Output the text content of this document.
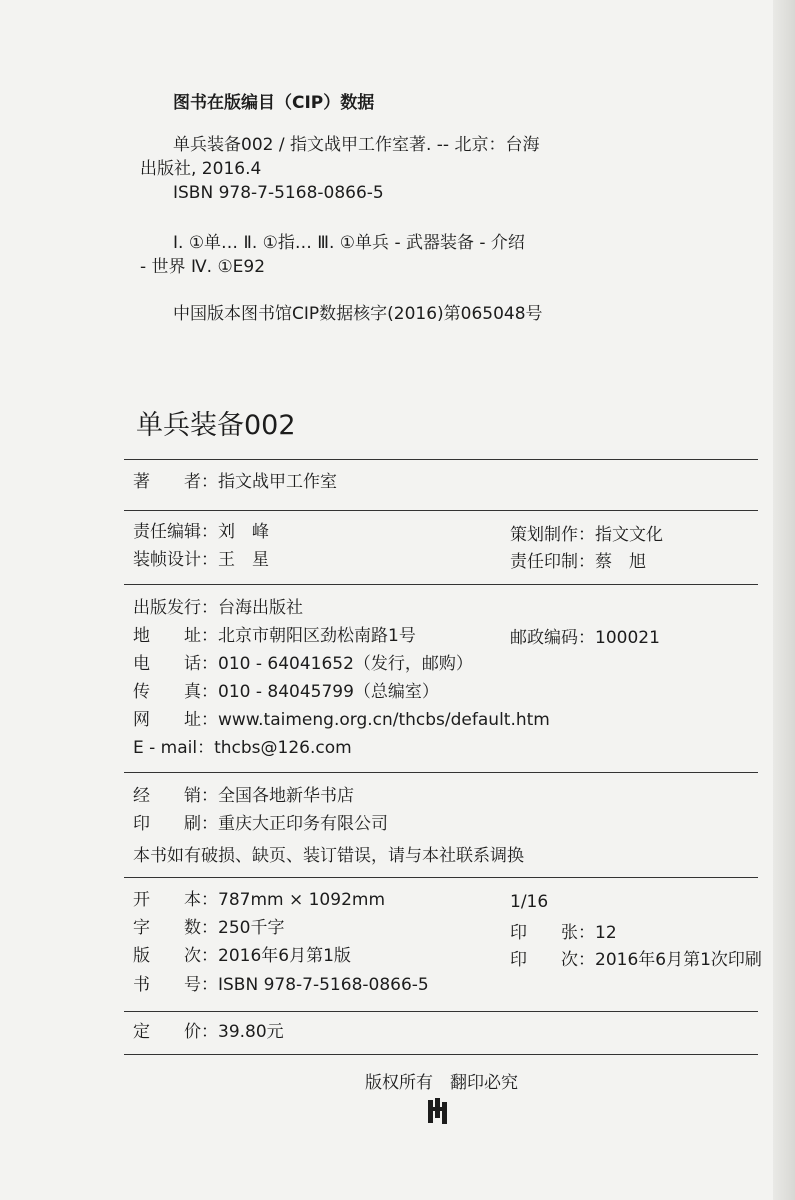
图书在版编目（CIP）数据
单兵装备002 / 指文战甲工作室著. -- 北京：台海
出版社, 2016.4
ISBN 978-7-5168-0866-5
Ⅰ. ①单… Ⅱ. ①指… Ⅲ. ①单兵 - 武器装备 - 介绍
- 世界 Ⅳ. ①E92
中国版本图书馆CIP数据核字(2016)第065048号
单兵装备002
著　　者：指文战甲工作室
责任编辑：刘　峰	策划制作：指文文化
装帧设计：王　星	责任印制：蔡　旭
出版发行：台海出版社
地　　址：北京市朝阳区劲松南路1号	邮政编码：100021
电　　话：010 - 64041652（发行，邮购）
传　　真：010 - 84045799（总编室）
网　　址：www.taimeng.org.cn/thcbs/default.htm
E - mail：thcbs@126.com
经　　销：全国各地新华书店
印　　刷：重庆大正印务有限公司
本书如有破损、缺页、装订错误，请与本社联系调换
开　　本：787mm × 1092mm	1/16
字　　数：250千字	印　　张：12
版　　次：2016年6月第1版	印　　次：2016年6月第1次印刷
书　　号：ISBN 978-7-5168-0866-5
定　　价：39.80元
版权所有　翻印必究
